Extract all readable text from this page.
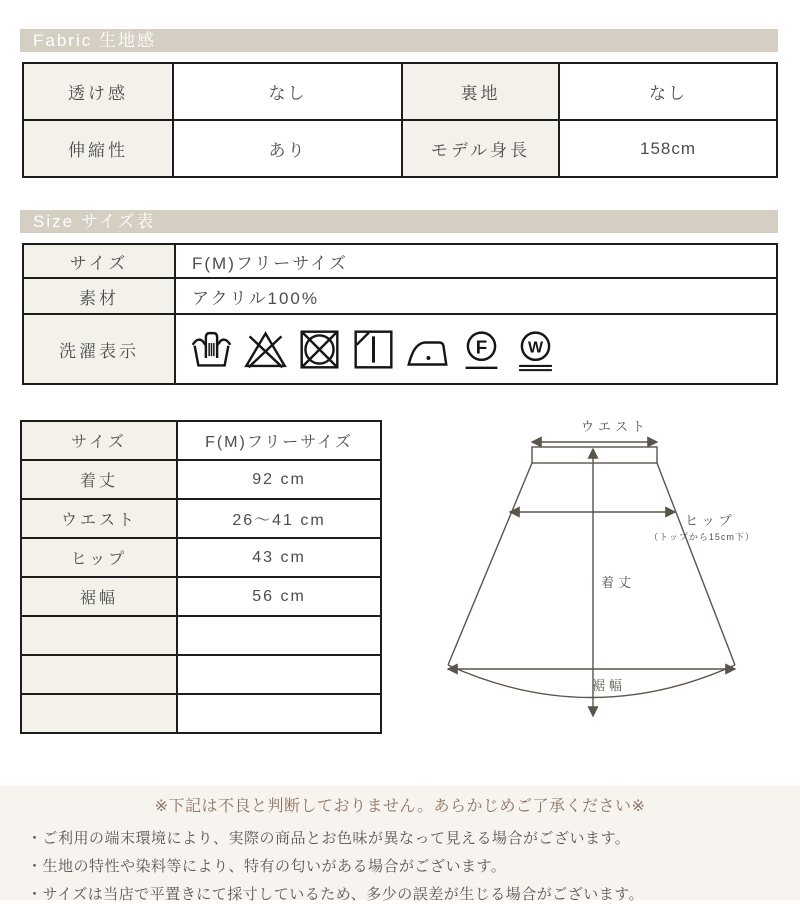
Fabric 生地感
透け感	なし	裏地	なし
伸縮性	あり	モデル身長	158cm
Size サイズ表
サイズ	F(M)フリーサイズ
素材	アクリル100%
洗濯表示	F W
サイズ	F(M)フリーサイズ
着丈	92 cm
ウエスト	26〜41 cm
ヒップ	43 cm
裾幅	56 cm

ウエスト
ヒップ
（トップから15cm下）
着丈
裾幅
※下記は不良と判断しておりません。あらかじめご了承ください※
・ご利用の端末環境により、実際の商品とお色味が異なって見える場合がございます。
・生地の特性や染料等により、特有の匂いがある場合がございます。
・サイズは当店で平置きにて採寸しているため、多少の誤差が生じる場合がございます。
